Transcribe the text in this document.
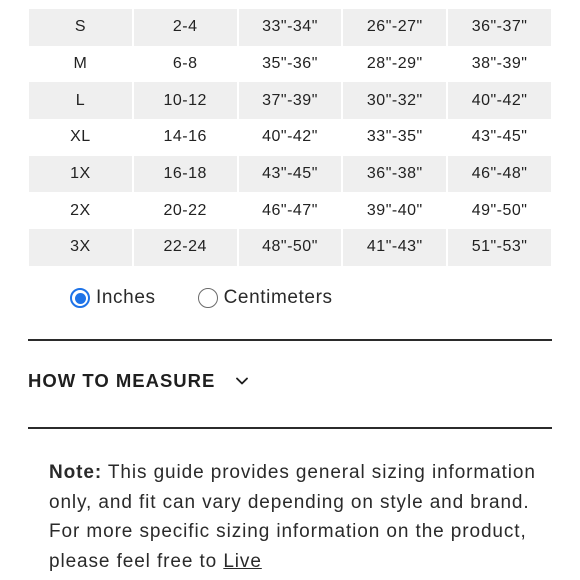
S	2-4	33"-34"	26"-27"	36"-37"
M	6-8	35"-36"	28"-29"	38"-39"
L	10-12	37"-39"	30"-32"	40"-42"
XL	14-16	40"-42"	33"-35"	43"-45"
1X	16-18	43"-45"	36"-38"	46"-48"
2X	20-22	46"-47"	39"-40"	49"-50"
3X	22-24	48"-50"	41"-43"	51"-53"
Inches	Centimeters
HOW TO MEASURE
Note: This guide provides general sizing information only, and fit can vary depending on style and brand. For more specific sizing information on the product, please feel free to Live
